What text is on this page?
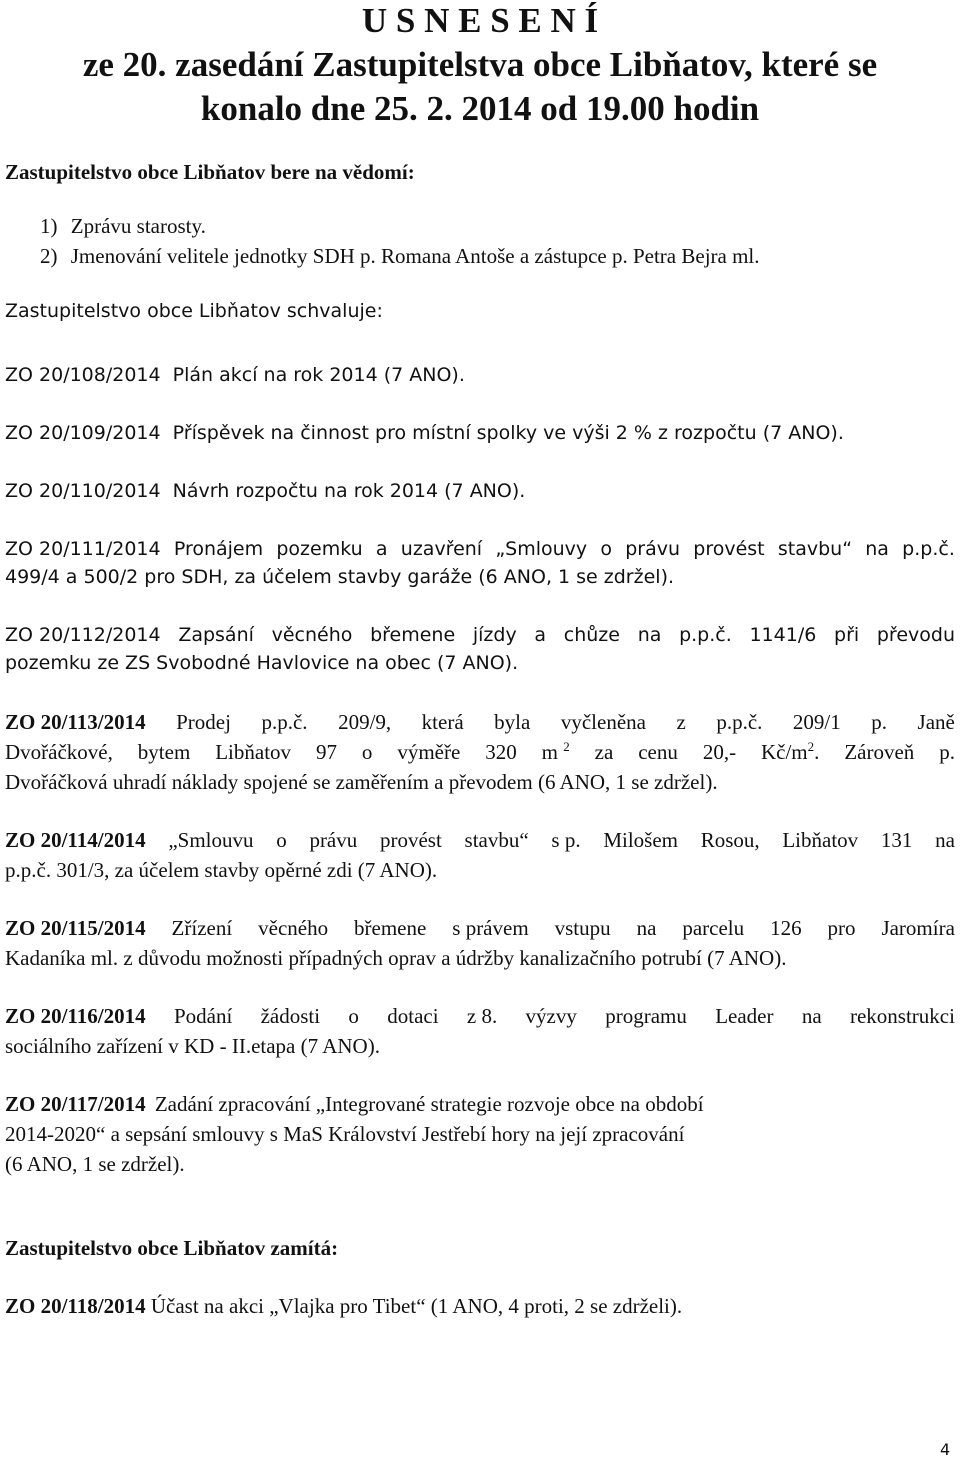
U S N E S E N Í
ze 20. zasedání Zastupitelstva obce Libňatov, které se
konalo dne 25. 2. 2014 od 19.00 hodin
Zastupitelstvo obce Libňatov bere na vědomí:
1) Zprávu starosty.
2) Jmenování velitele jednotky SDH p. Romana Antoše a zástupce p. Petra Bejra ml.
Zastupitelstvo obce Libňatov schvaluje:
ZO 20/108/2014 Plán akcí na rok 2014 (7 ANO).
ZO 20/109/2014 Příspěvek na činnost pro místní spolky ve výši 2 % z rozpočtu (7 ANO).
ZO 20/110/2014 Návrh rozpočtu na rok 2014 (7 ANO).
ZO 20/111/2014 Pronájem pozemku a uzavření „Smlouvy o právu provést stavbu“ na p.p.č.
499/4 a 500/2 pro SDH, za účelem stavby garáže (6 ANO, 1 se zdržel).
ZO 20/112/2014 Zapsání věcného břemene jízdy a chůze na p.p.č. 1141/6 při převodu
pozemku ze ZS Svobodné Havlovice na obec (7 ANO).
ZO 20/113/2014 Prodej p.p.č. 209/9, která byla vyčleněna z p.p.č. 209/1 p. Janě
Dvořáčkové, bytem Libňatov 97 o výměře 320 m $^2$ za cenu 20,- $Kč/m^2$. Zároveň p.
Dvořáčková uhradí náklady spojené se zaměřením a převodem (6 ANO, 1 se zdržel).
ZO 20/114/2014 „Smlouvu o právu provést stavbu“ s p. Milošem Rosou, Libňatov 131 na
p.p.č. 301/3, za účelem stavby opěrné zdi (7 ANO).
ZO 20/115/2014 Zřízení věcného břemene s právem vstupu na parcelu 126 pro Jaromíra
Kadaníka ml. z důvodu možnosti případných oprav a údržby kanalizačního potrubí (7 ANO).
ZO 20/116/2014 Podání žádosti o dotaci z 8. výzvy programu Leader na rekonstrukci
sociálního zařízení v KD - II.etapa (7 ANO).
ZO 20/117/2014 Zadání zpracování „Integrované strategie rozvoje obce na období
2014-2020“ a sepsání smlouvy s MaS Království Jestřebí hory na její zpracování
(6 ANO, 1 se zdržel).
Zastupitelstvo obce Libňatov zamítá:
ZO 20/118/2014 Účast na akci „Vlajka pro Tibet“ (1 ANO, 4 proti, 2 se zdrželi).
4
